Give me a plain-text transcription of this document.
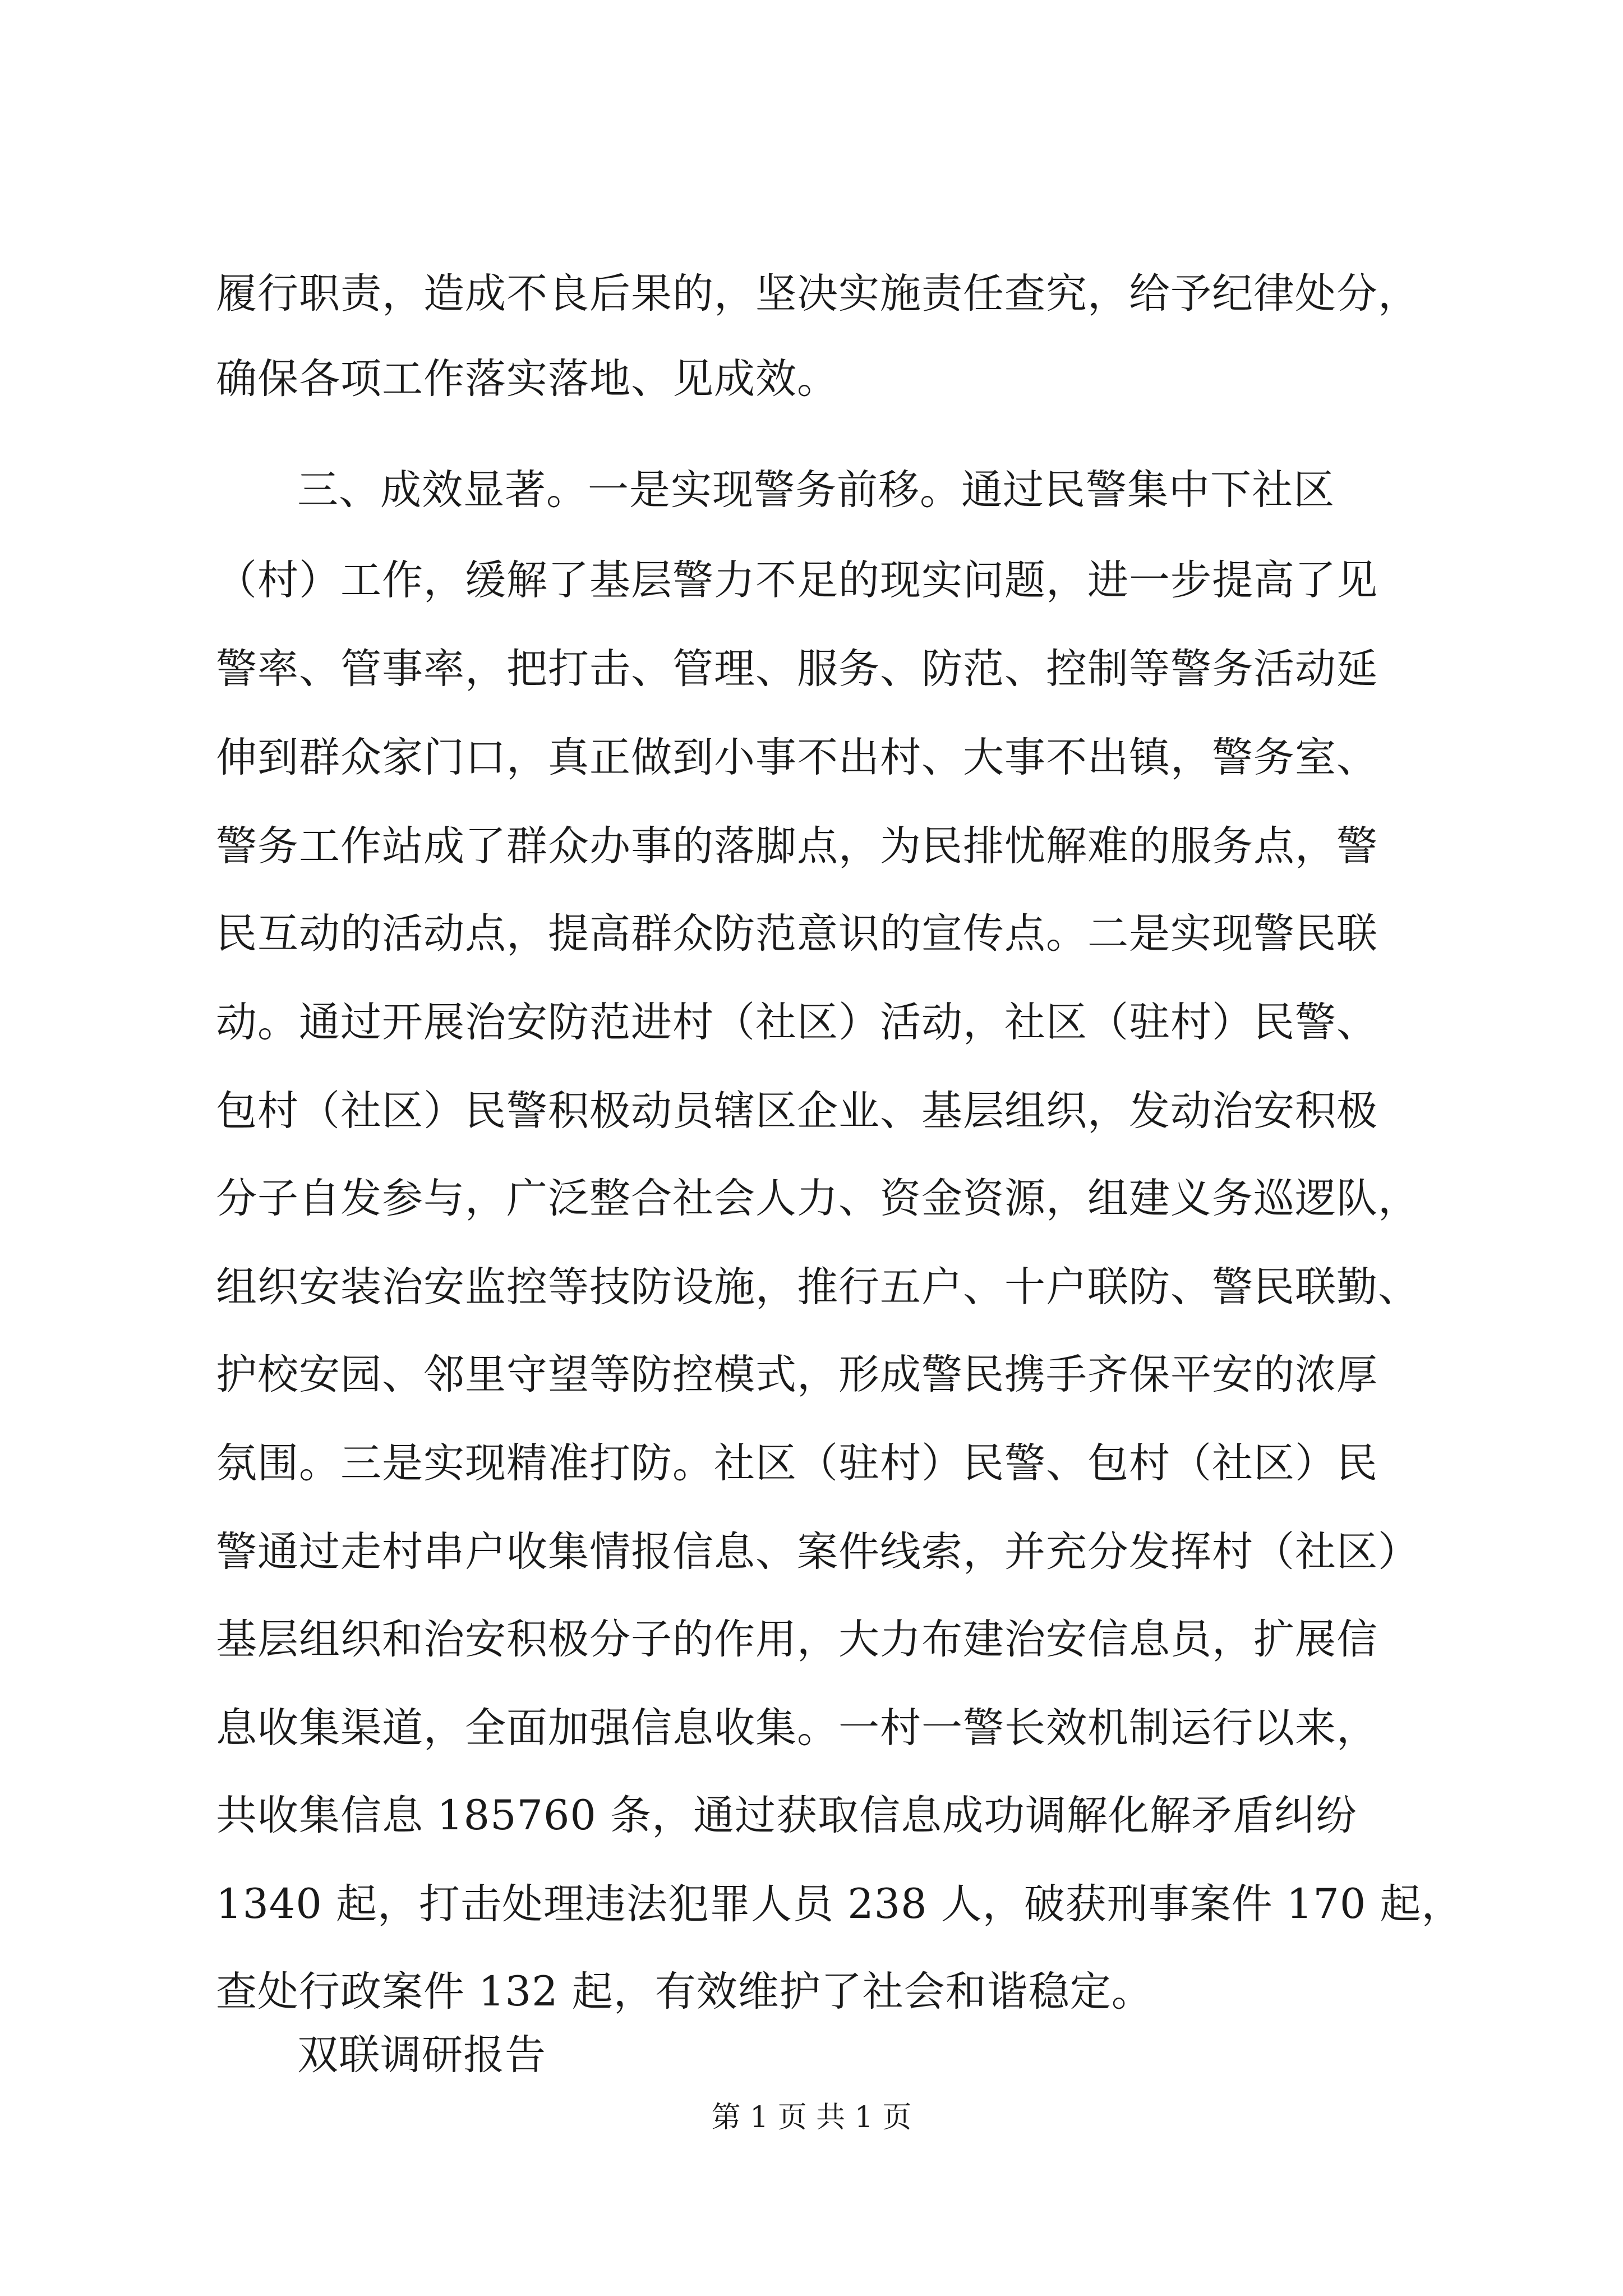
履行职责，造成不良后果的，坚决实施责任查究，给予纪律处分，
确保各项工作落实落地、见成效。
三、成效显著。一是实现警务前移。通过民警集中下社区
（村）工作，缓解了基层警力不足的现实问题，进一步提高了见
警率、管事率，把打击、管理、服务、防范、控制等警务活动延
伸到群众家门口，真正做到小事不出村、大事不出镇，警务室、
警务工作站成了群众办事的落脚点，为民排忧解难的服务点，警
民互动的活动点，提高群众防范意识的宣传点。二是实现警民联
动。通过开展治安防范进村（社区）活动，社区（驻村）民警、
包村（社区）民警积极动员辖区企业、基层组织，发动治安积极
分子自发参与，广泛整合社会人力、资金资源，组建义务巡逻队，
组织安装治安监控等技防设施，推行五户、十户联防、警民联勤、
护校安园、邻里守望等防控模式，形成警民携手齐保平安的浓厚
氛围。三是实现精准打防。社区（驻村）民警、包村（社区）民
警通过走村串户收集情报信息、案件线索，并充分发挥村（社区）
基层组织和治安积极分子的作用，大力布建治安信息员，扩展信
息收集渠道，全面加强信息收集。一村一警长效机制运行以来，
共收集信息 185760 条，通过获取信息成功调解化解矛盾纠纷
1340 起，打击处理违法犯罪人员 238 人，破获刑事案件 170 起，
查处行政案件 132 起，有效维护了社会和谐稳定。
双联调研报告
第 1 页 共 1 页
